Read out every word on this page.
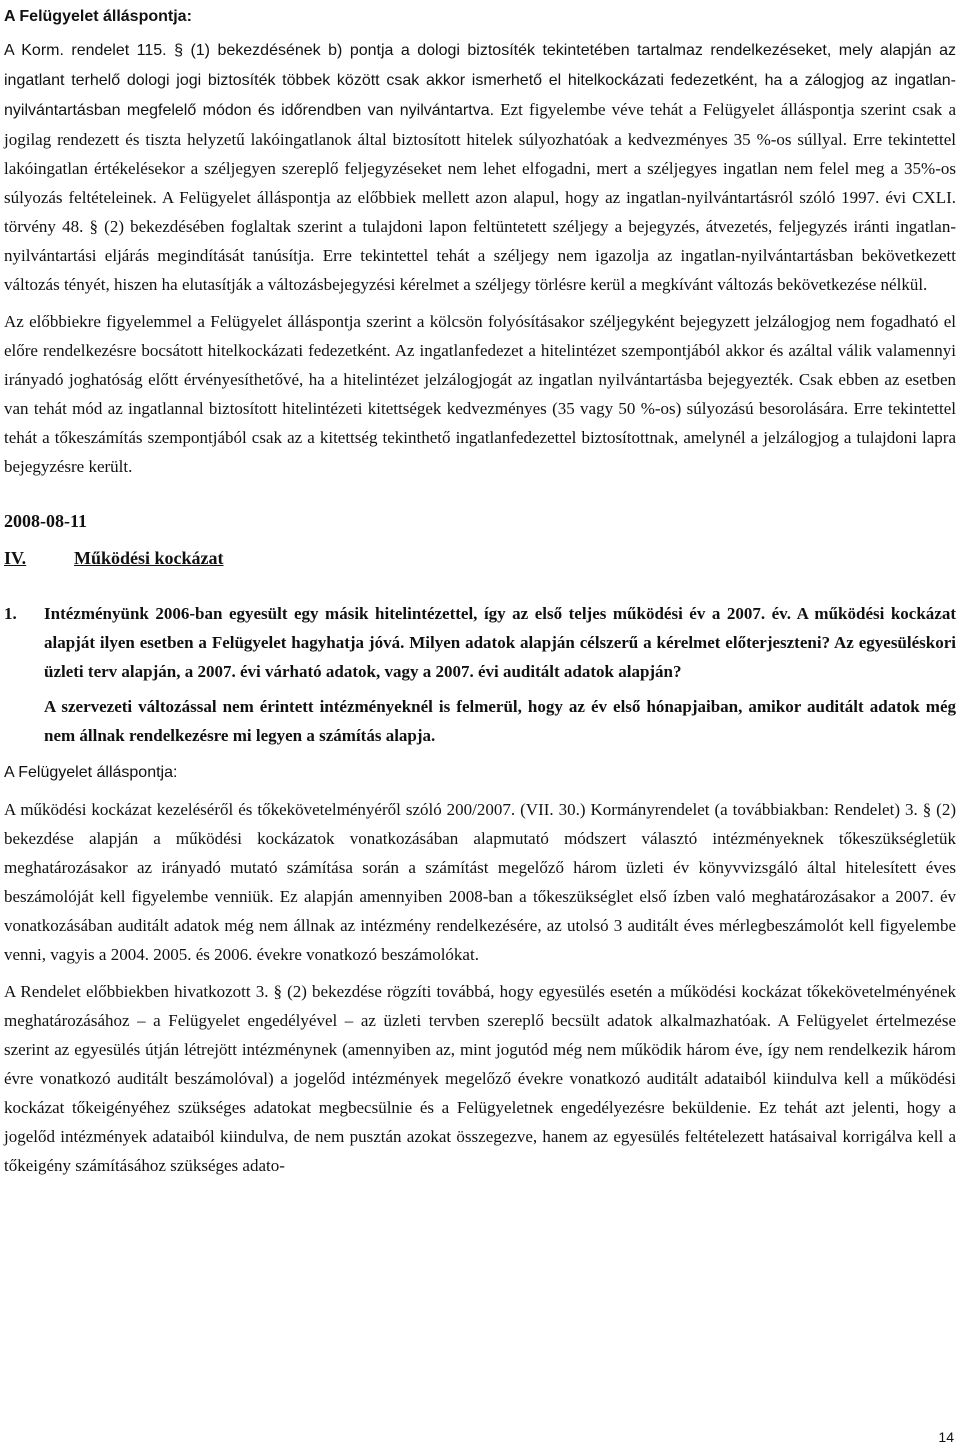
A Felügyelet álláspontja:

A Korm. rendelet 115. § (1) bekezdésének b) pontja a dologi biztosíték tekintetében tartalmaz rendelkezéseket, mely alapján az ingatlant terhelő dologi jogi biztosíték többek között csak akkor ismerhető el hitelkockázati fedezetként, ha a zálogjog az ingatlan-nyilvántartásban megfelelő módon és időrendben van nyilvántartva. Ezt figyelembe véve tehát a Felügyelet álláspontja szerint csak a jogilag rendezett és tiszta helyzetű lakóingatlanok által biztosított hitelek súlyozhatóak a kedvezményes 35 %-os súllyal. Erre tekintettel lakóingatlan értékelésekor a széljegyen szereplő feljegyzéseket nem lehet elfogadni, mert a széljegyes ingatlan nem felel meg a 35%-os súlyozás feltételeinek. A Felügyelet álláspontja az előbbiek mellett azon alapul, hogy az ingatlan-nyilvántartásról szóló 1997. évi CXLI. törvény 48. § (2) bekezdésében foglaltak szerint a tulajdoni lapon feltüntetett széljegy a bejegyzés, átvezetés, feljegyzés iránti ingatlan-nyilvántartási eljárás megindítását tanúsítja. Erre tekintettel tehát a széljegy nem igazolja az ingatlan-nyilvántartásban bekövetkezett változás tényét, hiszen ha elutasítják a változásbejegyzési kérelmet a széljegy törlésre kerül a megkívánt változás bekövetkezése nélkül.

Az előbbiekre figyelemmel a Felügyelet álláspontja szerint a kölcsön folyósításakor széljegyként bejegyzett jelzálogjog nem fogadható el előre rendelkezésre bocsátott hitelkockázati fedezetként. Az ingatlanfedezet a hitelintézet szempontjából akkor és azáltal válik valamennyi irányadó joghatóság előtt érvényesíthetővé, ha a hitelintézet jelzálogjogát az ingatlan nyilvántartásba bejegyezték. Csak ebben az esetben van tehát mód az ingatlannal biztosított hitelintézeti kitettségek kedvezményes (35 vagy 50 %-os) súlyozású besorolására. Erre tekintettel tehát a tőkeszámítás szempontjából csak az a kitettség tekinthető ingatlanfedezettel biztosítottnak, amelynél a jelzálogjog a tulajdoni lapra bejegyzésre került.

2008-08-11

IV.	Működési kockázat
1.	Intézményünk 2006-ban egyesült egy másik hitelintézettel, így az első teljes működési év a 2007. év. A működési kockázat alapját ilyen esetben a Felügyelet hagyhatja jóvá. Milyen adatok alapján célszerű a kérelmet előterjeszteni? Az egyesüléskori üzleti terv alapján, a 2007. évi várható adatok, vagy a 2007. évi auditált adatok alapján?

A szervezeti változással nem érintett intézményeknél is felmerül, hogy az év első hónapjaiban, amikor auditált adatok még nem állnak rendelkezésre mi legyen a számítás alapja.

A Felügyelet álláspontja:

A működési kockázat kezeléséről és tőkekövetelményéről szóló 200/2007. (VII. 30.) Kormányrendelet (a továbbiakban: Rendelet) 3. § (2) bekezdése alapján a működési kockázatok vonatkozásában alapmutató módszert választó intézményeknek tőkeszükségletük meghatározásakor az irányadó mutató számítása során a számítást megelőző három üzleti év könyvvizsgáló által hitelesített éves beszámolóját kell figyelembe venniük. Ez alapján amennyiben 2008-ban a tőkeszükséglet első ízben való meghatározásakor a 2007. év vonatkozásában auditált adatok még nem állnak az intézmény rendelkezésére, az utolsó 3 auditált éves mérlegbeszámolót kell figyelembe venni, vagyis a 2004. 2005. és 2006. évekre vonatkozó beszámolókat.

A Rendelet előbbiekben hivatkozott 3. § (2) bekezdése rögzíti továbbá, hogy egyesülés esetén a működési kockázat tőkekövetelményének meghatározásához – a Felügyelet engedélyével – az üzleti tervben szereplő becsült adatok alkalmazhatóak. A Felügyelet értelmezése szerint az egyesülés útján létrejött intézménynek (amennyiben az, mint jogutód még nem működik három éve, így nem rendelkezik három évre vonatkozó auditált beszámolóval) a jogelőd intézmények megelőző évekre vonatkozó auditált adataiból kiindulva kell a működési kockázat tőkeigényéhez szükséges adatokat megbecsülnie és a Felügyeletnek engedélyezésre beküldenie. Ez tehát azt jelenti, hogy a jogelőd intézmények adataiból kiindulva, de nem pusztán azokat összegezve, hanem az egyesülés feltételezett hatásaival korrigálva kell a tőkeigény számításához szükséges adato-

14
